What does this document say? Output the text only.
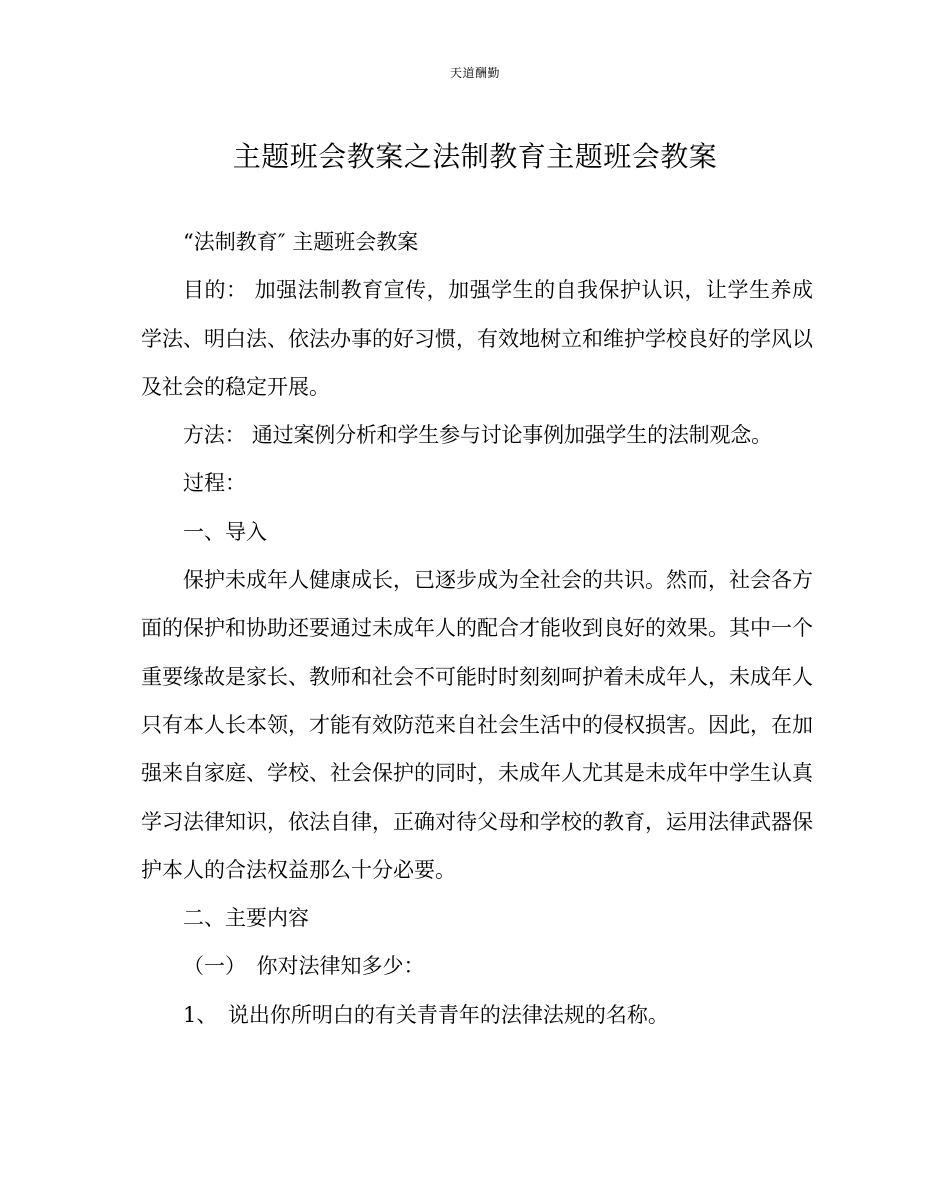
天道酬勤
主题班会教案之法制教育主题班会教案

“法制教育″ 主题班会教案

目的： 加强法制教育宣传，加强学生的自我保护认识，让学生养成学法、明白法、依法办事的好习惯，有效地树立和维护学校良好的学风以及社会的稳定开展。

方法： 通过案例分析和学生参与讨论事例加强学生的法制观念。

过程：

一、导入

保护未成年人健康成长，已逐步成为全社会的共识。然而，社会各方面的保护和协助还要通过未成年人的配合才能收到良好的效果。其中一个重要缘故是家长、教师和社会不可能时时刻刻呵护着未成年人，未成年人只有本人长本领，才能有效防范来自社会生活中的侵权损害。因此，在加强来自家庭、学校、社会保护的同时，未成年人尤其是未成年中学生认真学习法律知识，依法自律，正确对待父母和学校的教育，运用法律武器保护本人的合法权益那么十分必要。

二、主要内容

（一）　你对法律知多少：

1、　说出你所明白的有关青青年的法律法规的名称。
